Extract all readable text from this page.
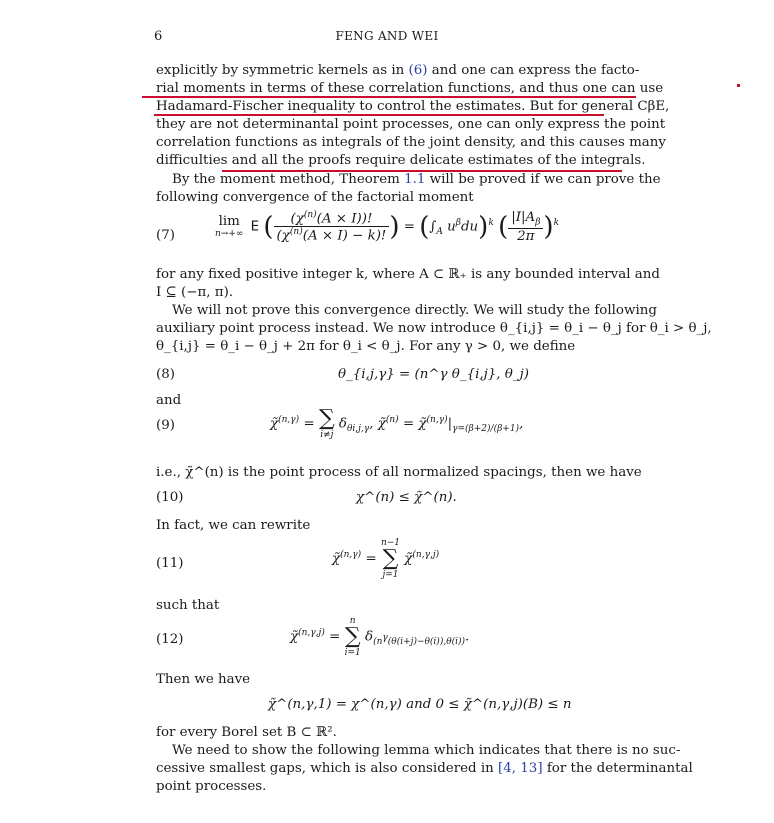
6	FENG AND WEI
explicitly by symmetric kernels as in (6) and one can express the facto-
rial moments in terms of these correlation functions, and thus one can use
Hadamard-Fischer inequality to control the estimates. But for general CβE,
they are not determinantal point processes, one can only express the point
correlation functions as integrals of the joint density, and this causes many
difficulties and all the proofs require delicate estimates of the integrals.
By the moment method, Theorem 1.1 will be proved if we can prove the
following convergence of the factorial moment
(7)
lim
n→+∞ E ( $\frac{(\chi^{(n)}(A \times I))!}{(\chi^{(n)}(A \times I) - k)!}$ ) = ($\int_A$ $u^\beta du)^k$ ( $\frac{|I|A_\beta}{2\pi} )^k$
for any fixed positive integer k, where A ⊂ ℝ₊ is any bounded interval and
I ⊆ (−π, π).
We will not prove this convergence directly. We will study the following
auxiliary point process instead. We now introduce θ_{i,j} = θ_i − θ_j for θ_i > θ_j,
θ_{i,j} = θ_i − θ_j + 2π for θ_i < θ_j. For any γ > 0, we define
(8)	θ_{i,j,γ} = (n^γ θ_{i,j}, θ_j)
and
(9)	χ̃$^{(n,\gamma)}$ = ∑
i≠j
$\delta_{\theta i,j,\gamma}$, χ̃$^{(n)}$ = $\chĩ^{(n,\gamma)}|_{\gamma=(\beta+2)/(\beta+1)}$,
i.e., χ̃^(n) is the point process of all normalized spacings, then we have
(10)	χ^(n) ≤ χ̃^(n).
In fact, we can rewrite
(11)	χ̃$^{(n,\gamma)}$ =
n−1
∑
j=1
χ̃$^{(n,\gamma,j)}$
such that
(12)	χ̃$^{(n,\gamma,j)}$ =
n
∑
i=1
$\delta_{(n^\gamma(\theta(i+j)-\theta(i)),\theta(i))}$.
Then we have
χ̃^(n,γ,1) = χ^(n,γ) and 0 ≤ χ̃^(n,γ,j)(B) ≤ n
for every Borel set B ⊂ ℝ².
We need to show the following lemma which indicates that there is no suc-
cessive smallest gaps, which is also considered in [4, 13] for the determinantal
point processes.
